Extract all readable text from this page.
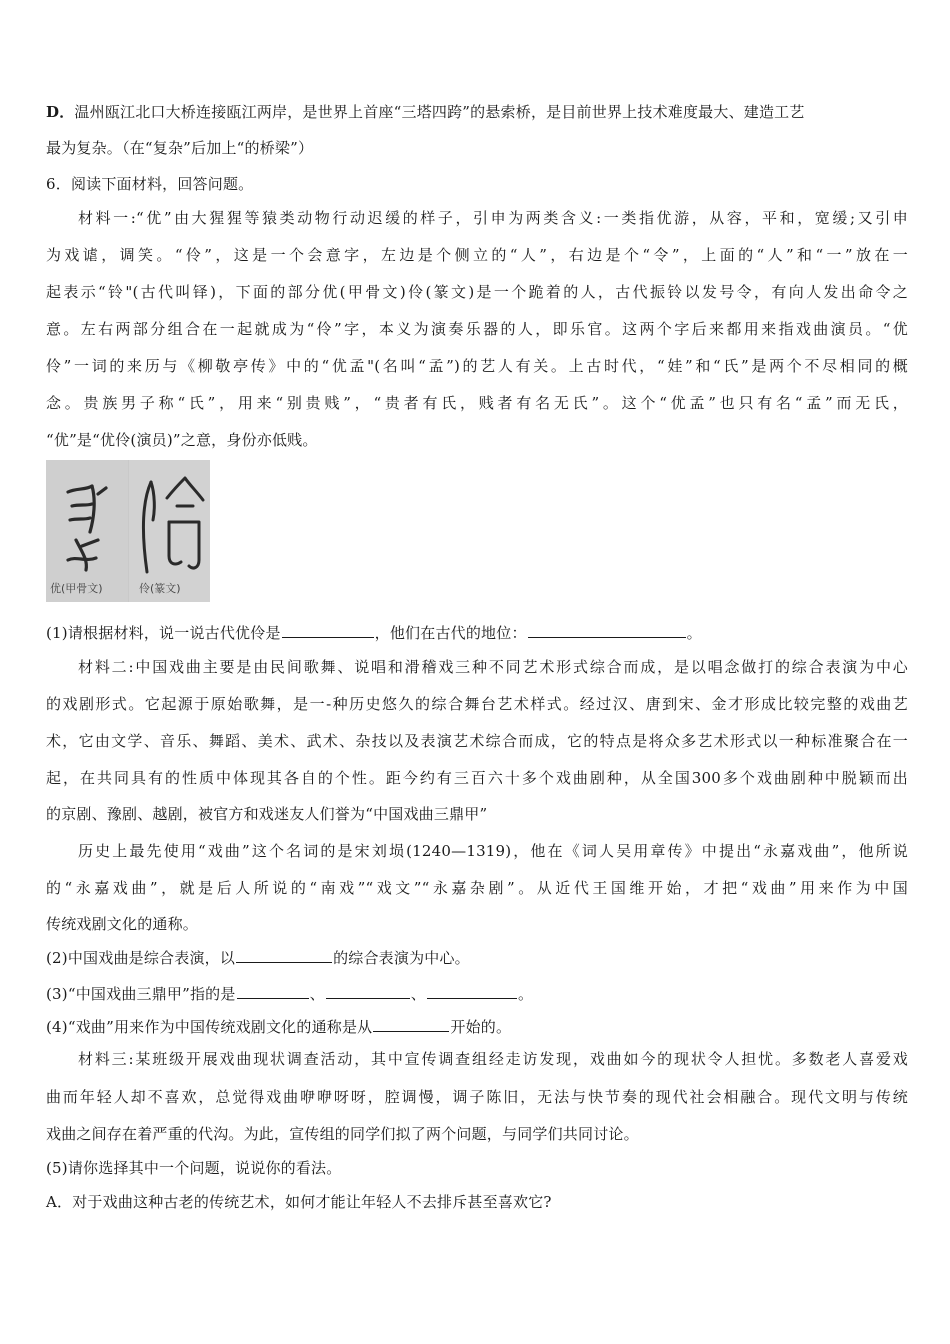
D．温州瓯江北口大桥连接瓯江两岸，是世界上首座“三塔四跨”的悬索桥，是目前世界上技术难度最大、建造工艺
最为复杂。（在“复杂”后加上“的桥梁”）
6．阅读下面材料，回答问题。
材料一:“优”由大猩猩等猿类动物行动迟缓的样子，引申为两类含义:一类指优游，从容，平和，宽缓;又引申
为戏谑，调笑。“伶”，这是一个会意字，左边是个侧立的“人”，右边是个“令”，上面的“人”和“一”放在一
起表示“铃"(古代叫铎)，下面的部分优(甲骨文)伶(篆文)是一个跪着的人，古代振铃以发号令，有向人发出命令之
意。左右两部分组合在一起就成为“伶”字，本义为演奏乐器的人，即乐官。这两个字后来都用来指戏曲演员。“优
伶”一词的来历与《柳敬亭传》中的“优孟"(名叫“孟”)的艺人有关。上古时代，“娃”和“氏”是两个不尽相同的概
念。贵族男子称“氏”，用来“别贵贱”，“贵者有氏，贱者有名无氏”。这个“优孟”也只有名“孟”而无氏，
“优”是“优伶(演员)”之意，身份亦低贱。
优(甲骨文)	伶(篆文)
(1)请根据材料，说一说古代优伶是	，他们在古代的地位：	。
材料二:中国戏曲主要是由民间歌舞、说唱和滑稽戏三种不同艺术形式综合而成，是以唱念做打的综合表演为中心
的戏剧形式。它起源于原始歌舞，是一-种历史悠久的综合舞台艺术样式。经过汉、唐到宋、金才形成比较完整的戏曲艺
术，它由文学、音乐、舞蹈、美术、武术、杂技以及表演艺术综合而成，它的特点是将众多艺术形式以一种标准聚合在一
起，在共同具有的性质中体现其各自的个性。距今约有三百六十多个戏曲剧种，从全国300多个戏曲剧种中脱颖而出
的京剧、豫剧、越剧，被官方和戏迷友人们誉为“中国戏曲三鼎甲”
历史上最先使用“戏曲”这个名词的是宋刘埙(1240—1319)，他在《词人吴用章传》中提出“永嘉戏曲”，他所说
的“永嘉戏曲”，就是后人所说的“南戏”“戏文”“永嘉杂剧”。从近代王国维开始，才把“戏曲”用来作为中国
传统戏剧文化的通称。
(2)中国戏曲是综合表演，以	的综合表演为中心。
(3)“中国戏曲三鼎甲”指的是	、	、	。
(4)“戏曲”用来作为中国传统戏剧文化的通称是从	开始的。
材料三:某班级开展戏曲现状调查活动，其中宣传调查组经走访发现，戏曲如今的现状令人担忧。多数老人喜爱戏
曲而年轻人却不喜欢，总觉得戏曲咿咿呀呀，腔调慢，调子陈旧，无法与快节奏的现代社会相融合。现代文明与传统
戏曲之间存在着严重的代沟。为此，宣传组的同学们拟了两个问题，与同学们共同讨论。
(5)请你选择其中一个问题，说说你的看法。
A．对于戏曲这种古老的传统艺术，如何才能让年轻人不去排斥甚至喜欢它?
